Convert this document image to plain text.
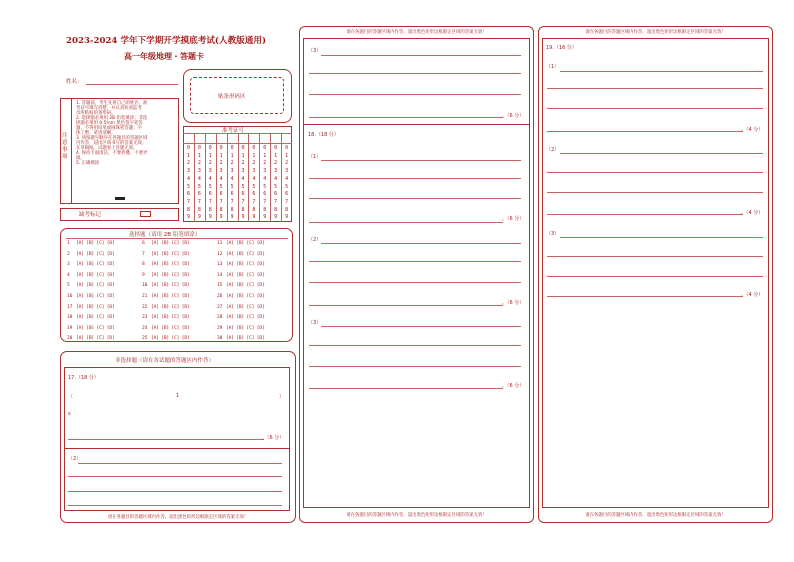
2023-2024 学年下学期开学摸底考试(人教版通用)
高一年级地理・答题卡
姓名：
贴条形码区
注意事项
1. 答题前，考生先将自己的姓名、准
考证号填写清楚，并认真检查监考
员所粘贴的条形码。
2. 选择题必须用 2B 铅笔填涂；非选
择题必须用 0.5mm 黑色签字笔答
题，不得用铅笔或圆珠笔答题；字
体工整、笔迹清晰。
3. 请按题号顺序在各题目的答题区域
内作答，超出区域书写的答案无效；
在草稿纸、试题卷上答题无效。
4. 保持卡面清洁，不要折叠、不要弄
破。
5. 正确填涂
准考证号
0
1
2
3
4
5
6
7
8
9
0
1
2
3
4
5
6
7
8
9
0
1
2
3
4
5
6
7
8
9
0
1
2
3
4
5
6
7
8
9
0
1
2
3
4
5
6
7
8
9
0
1
2
3
4
5
6
7
8
9
0
1
2
3
4
5
6
7
8
9
0
1
2
3
4
5
6
7
8
9
0
1
2
3
4
5
6
7
8
9
0
1
2
3
4
5
6
7
8
9
缺考标记
选择题（请用 2B 铅笔填涂）
1 [A] [B] [C] [D]
2 [A] [B] [C] [D]
3 [A] [B] [C] [D]
4 [A] [B] [C] [D]
5 [A] [B] [C] [D]
6 [A] [B] [C] [D]
7 [A] [B] [C] [D]
8 [A] [B] [C] [D]
9 [A] [B] [C] [D]
10 [A] [B] [C] [D]
11 [A] [B] [C] [D]
12 [A] [B] [C] [D]
13 [A] [B] [C] [D]
14 [A] [B] [C] [D]
15 [A] [B] [C] [D]
16 [A] [B] [C] [D]
17 [A] [B] [C] [D]
18 [A] [B] [C] [D]
19 [A] [B] [C] [D]
20 [A] [B] [C] [D]
21 [A] [B] [C] [D]
22 [A] [B] [C] [D]
23 [A] [B] [C] [D]
24 [A] [B] [C] [D]
25 [A] [B] [C] [D]
26 [A] [B] [C] [D]
27 [A] [B] [C] [D]
28 [A] [B] [C] [D]
29 [A] [B] [C] [D]
30 [A] [B] [C] [D]
非选择题（请在各试题的答题区内作答）
17.（18 分）
（	1	）
s
。（6 分）
（2）
请在各题目的答题区域内作答，超出黑色矩形边框限定区域的答案无效！
请在各题目的答题区域内作答，超出黑色矩形边框限定区域的答案无效！
（3）
。（6 分）
18.（18 分）
（1）
。（6 分）
（2）
。（6 分）
（3）
。（6 分）
请在各题目的答题区域内作答，超出黑色矩形边框限定区域的答案无效！
请在各题目的答题区域内作答，超出黑色矩形边框限定区域的答案无效！
19.（16 分）
（1）
。（4 分）
（2）
。（4 分）
（3）
。（4 分）
请在各题目的答题区域内作答，超出黑色矩形边框限定区域的答案无效！
